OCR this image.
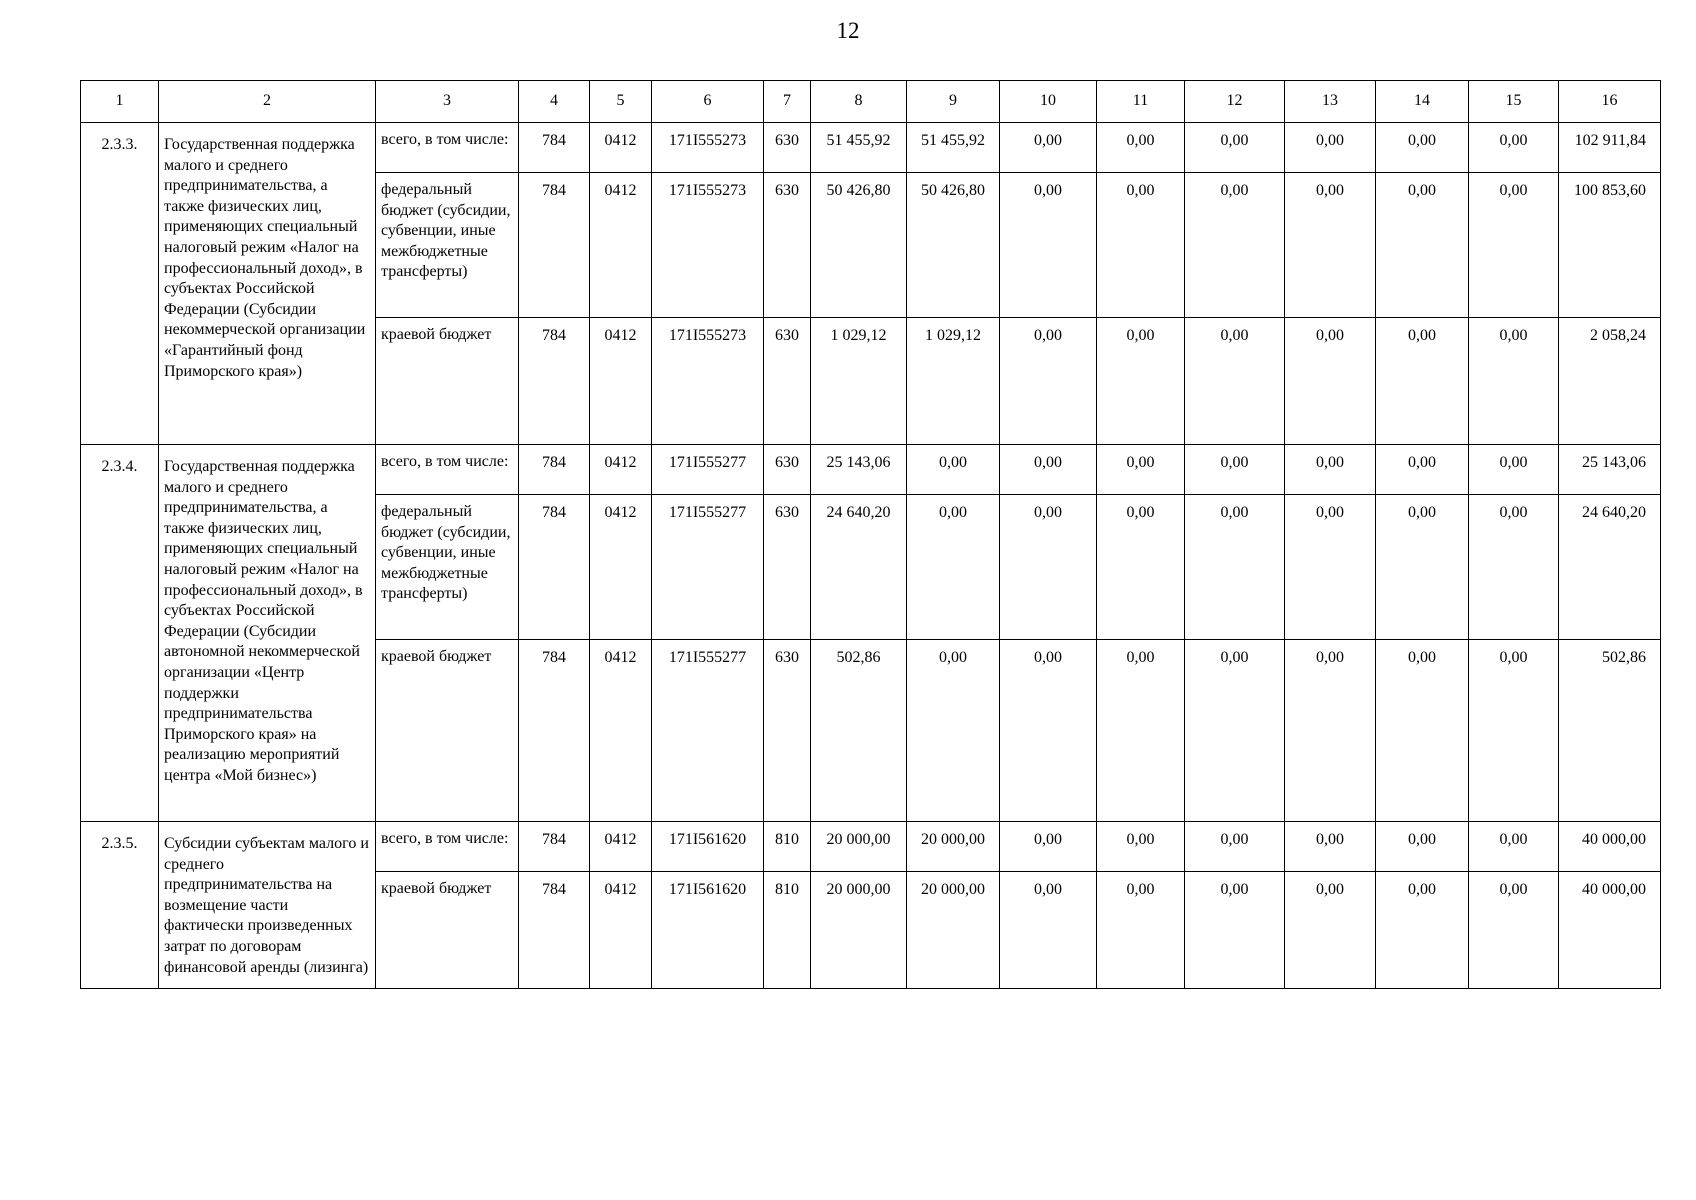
12
1	2	3	4	5	6	7	8	9	10	11	12	13	14	15	16
2.3.3.	Государственная поддержка малого и среднего предпринимательства, а также физических лиц, применяющих специальный налоговый режим «Налог на профессиональный доход», в субъектах Российской Федерации (Субсидии некоммерческой организации «Гарантийный фонд Приморского края»)	всего, в том числе:	784	0412	171I555273	630	51 455,92	51 455,92	0,00	0,00	0,00	0,00	0,00	0,00	102 911,84
		федеральный бюджет (субсидии, субвенции, иные межбюджетные трансферты)	784	0412	171I555273	630	50 426,80	50 426,80	0,00	0,00	0,00	0,00	0,00	0,00	100 853,60
		краевой бюджет	784	0412	171I555273	630	1 029,12	1 029,12	0,00	0,00	0,00	0,00	0,00	0,00	2 058,24
2.3.4.	Государственная поддержка малого и среднего предпринимательства, а также физических лиц, применяющих специальный налоговый режим «Налог на профессиональный доход», в субъектах Российской Федерации (Субсидии автономной некоммерческой организации «Центр поддержки предпринимательства Приморского края» на реализацию мероприятий центра «Мой бизнес»)	всего, в том числе:	784	0412	171I555277	630	25 143,06	0,00	0,00	0,00	0,00	0,00	0,00	0,00	25 143,06
		федеральный бюджет (субсидии, субвенции, иные межбюджетные трансферты)	784	0412	171I555277	630	24 640,20	0,00	0,00	0,00	0,00	0,00	0,00	0,00	24 640,20
		краевой бюджет	784	0412	171I555277	630	502,86	0,00	0,00	0,00	0,00	0,00	0,00	0,00	502,86
2.3.5.	Субсидии субъектам малого и среднего предпринимательства на возмещение части фактически произведенных затрат по договорам финансовой аренды (лизинга)	всего, в том числе:	784	0412	171I561620	810	20 000,00	20 000,00	0,00	0,00	0,00	0,00	0,00	0,00	40 000,00
		краевой бюджет	784	0412	171I561620	810	20 000,00	20 000,00	0,00	0,00	0,00	0,00	0,00	0,00	40 000,00
